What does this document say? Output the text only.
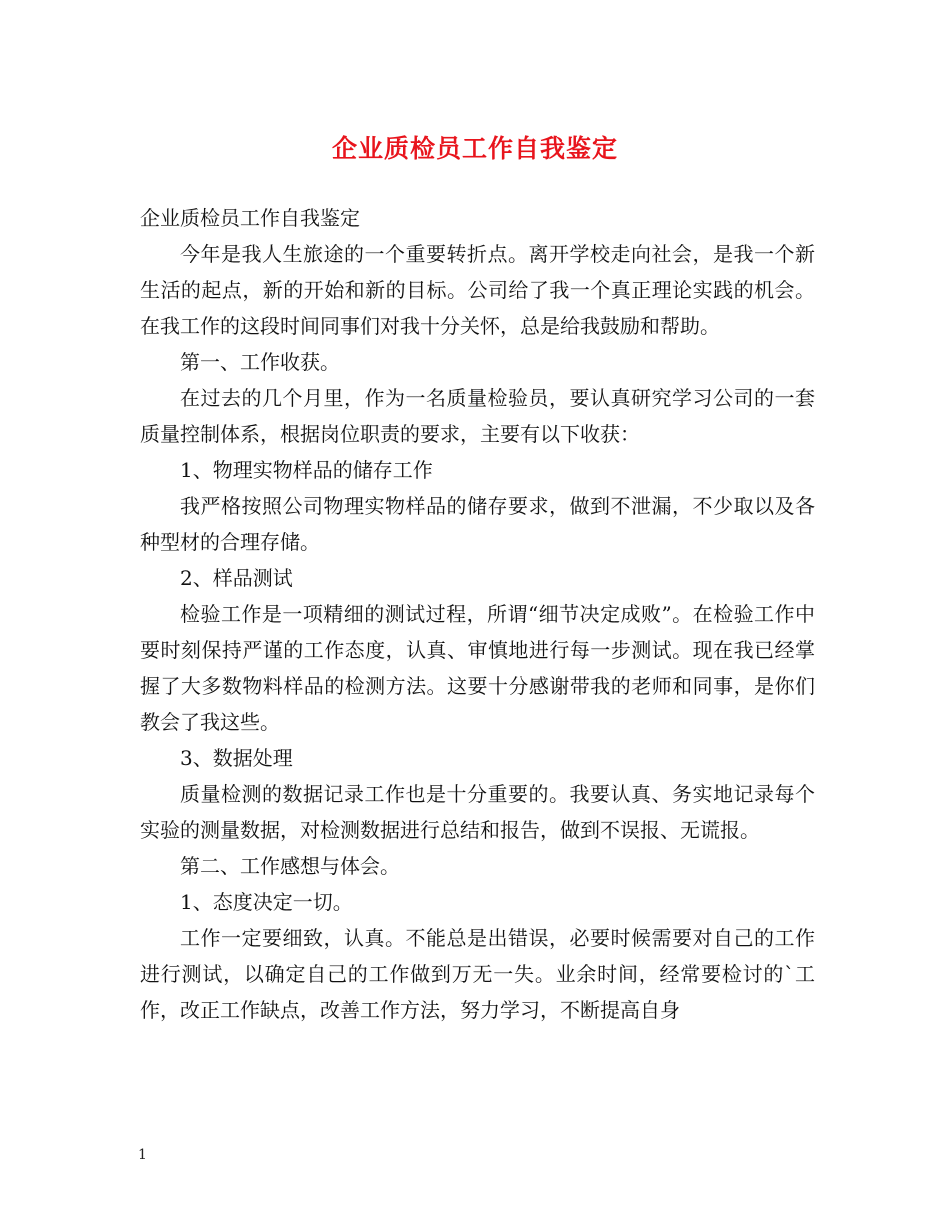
企业质检员工作自我鉴定

企业质检员工作自我鉴定

今年是我人生旅途的一个重要转折点。离开学校走向社会，是我一个新生活的起点，新的开始和新的目标。公司给了我一个真正理论实践的机会。在我工作的这段时间同事们对我十分关怀，总是给我鼓励和帮助。

第一、工作收获。

在过去的几个月里，作为一名质量检验员，要认真研究学习公司的一套质量控制体系，根据岗位职责的要求，主要有以下收获：

1、物理实物样品的储存工作

我严格按照公司物理实物样品的储存要求，做到不泄漏，不少取以及各种型材的合理存储。

2、样品测试

检验工作是一项精细的测试过程，所谓“细节决定成败”。在检验工作中要时刻保持严谨的工作态度，认真、审慎地进行每一步测试。现在我已经掌握了大多数物料样品的检测方法。这要十分感谢带我的老师和同事，是你们教会了我这些。

3、数据处理

质量检测的数据记录工作也是十分重要的。我要认真、务实地记录每个实验的测量数据，对检测数据进行总结和报告，做到不误报、无谎报。

第二、工作感想与体会。

1、态度决定一切。

工作一定要细致，认真。不能总是出错误，必要时候需要对自己的工作进行测试，以确定自己的工作做到万无一失。业余时间，经常要检讨的`工作，改正工作缺点，改善工作方法，努力学习，不断提高自身

1
